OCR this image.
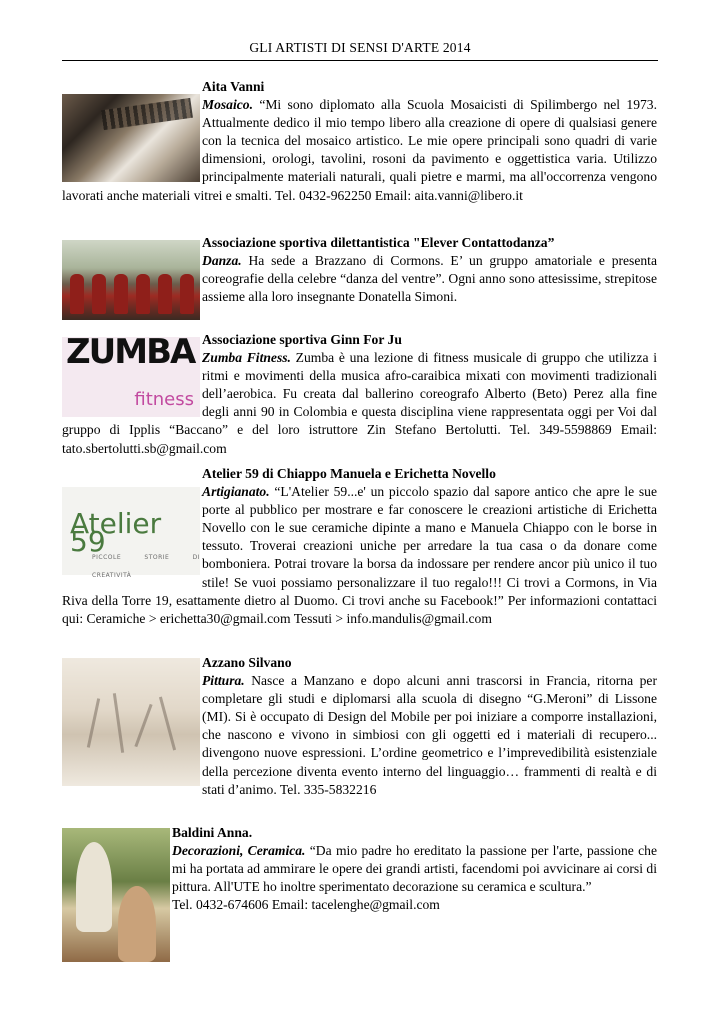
GLI ARTISTI DI SENSI D'ARTE 2014
Aita Vanni
Mosaico. “Mi sono diplomato alla Scuola Mosaicisti di Spilimbergo nel 1973. Attualmente dedico il mio tempo libero alla creazione di opere di qualsiasi genere con la tecnica del mosaico artistico. Le mie opere principali sono quadri di varie dimensioni, orologi, tavolini, rosoni da pavimento e oggettistica varia. Utilizzo principalmente materiali naturali, quali pietre e marmi, ma all'occorrenza vengono lavorati anche materiali vitrei e smalti. Tel. 0432-962250 Email: aita.vanni@libero.it
Associazione sportiva dilettantistica "Elever Contattodanza”
Danza. Ha sede a Brazzano di Cormons. E’ un gruppo amatoriale e presenta coreografie della celebre “danza del ventre”. Ogni anno sono attesissime, strepitose assieme alla loro insegnante Donatella Simoni.
ZUMBA
fitness
Associazione sportiva Ginn For Ju
Zumba Fitness. Zumba è una lezione di fitness musicale di gruppo che utilizza i ritmi e movimenti della musica afro-caraibica mixati con movimenti tradizionali dell’aerobica. Fu creata dal ballerino coreografo Alberto (Beto) Perez alla fine degli anni 90 in Colombia e questa disciplina viene rappresentata oggi per Voi dal gruppo di Ipplis “Baccano” e del loro istruttore Zin Stefano Bertolutti. Tel. 349-5598869 Email: tato.sbertolutti.sb@gmail.com
Atelier 59
PICCOLE STORIE DI CREATIVITÀ
Atelier 59 di Chiappo Manuela e Erichetta Novello
Artigianato. “L'Atelier 59...e' un piccolo spazio dal sapore antico che apre le sue porte al pubblico per mostrare e far conoscere le creazioni artistiche di Erichetta Novello con le sue ceramiche dipinte a mano e Manuela Chiappo con le borse in tessuto. Troverai creazioni uniche per arredare la tua casa o da donare come bomboniera. Potrai trovare la borsa da indossare per rendere ancor più unico il tuo stile! Se vuoi possiamo personalizzare il tuo regalo!!! Ci trovi a Cormons, in Via Riva della Torre 19, esattamente dietro al Duomo. Ci trovi anche su Facebook!” Per informazioni contattaci qui: Ceramiche > erichetta30@gmail.com Tessuti > info.mandulis@gmail.com
Azzano Silvano
Pittura. Nasce a Manzano e dopo alcuni anni trascorsi in Francia, ritorna per completare gli studi e diplomarsi alla scuola di disegno “G.Meroni” di Lissone (MI). Si è occupato di Design del Mobile per poi iniziare a comporre installazioni, che nascono e vivono in simbiosi con gli oggetti ed i materiali di recupero... divengono nuove espressioni. L’ordine geometrico e l’imprevedibilità esistenziale della percezione diventa evento interno del linguaggio… frammenti di realtà e di stati d’animo. Tel. 335-5832216
Baldini Anna.
Decorazioni, Ceramica. “Da mio padre ho ereditato la passione per l'arte, passione che mi ha portata ad ammirare le opere dei grandi artisti, facendomi poi avvicinare ai corsi di pittura. All'UTE ho inoltre sperimentato decorazione su ceramica e scultura.”
Tel. 0432-674606 Email: tacelenghe@gmail.com
